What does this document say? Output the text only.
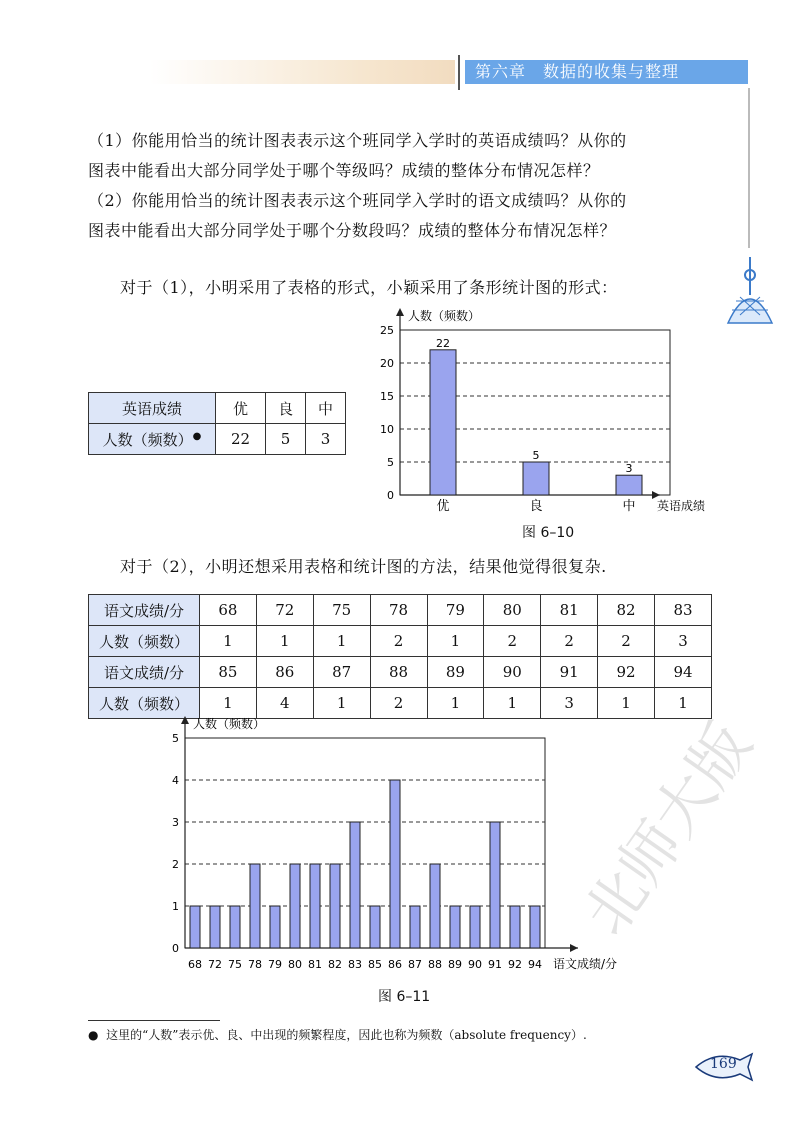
第六章　数据的收集与整理
（1）你能用恰当的统计图表表示这个班同学入学时的英语成绩吗？从你的
图表中能看出大部分同学处于哪个等级吗？成绩的整体分布情况怎样？
（2）你能用恰当的统计图表表示这个班同学入学时的语文成绩吗？从你的
图表中能看出大部分同学处于哪个分数段吗？成绩的整体分布情况怎样？
对于（1），小明采用了表格的形式，小颖采用了条形统计图的形式：
英语成绩	优	良	中
人数（频数）●	22	5	3
0
5
10
15
20
25
人数（频数）
英语成绩
优
22
良
5
中
3
图 6–10
对于（2），小明还想采用表格和统计图的方法，结果他觉得很复杂.
语文成绩/分	68	72	75	78	79	80	81	82	83
人数（频数）	1	1	1	2	1	2	2	2	3
语文成绩/分	85	86	87	88	89	90	91	92	94
人数（频数）	1	4	1	2	1	1	3	1	1
0
1
2
3
4
5
人数（频数）
语文成绩/分
68 72 75 78 79 80 81 82 83 85 86 87 88 89 90 91 92 94
图 6–11
● 这里的“人数”表示优、良、中出现的频繁程度，因此也称为频数（absolute frequency）.
169
北师大版
